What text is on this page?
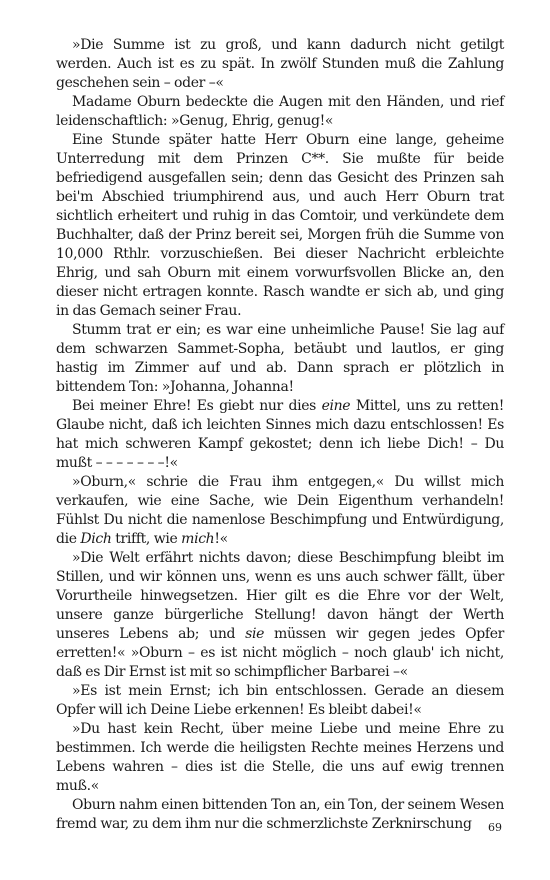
»Die Summe ist zu groß, und kann dadurch nicht getilgt werden. Auch ist es zu spät. In zwölf Stunden muß die Zahlung geschehen sein – oder –«

Madame Oburn bedeckte die Augen mit den Händen, und rief leidenschaftlich: »Genug, Ehrig, genug!«

Eine Stunde später hatte Herr Oburn eine lange, geheime Unterredung mit dem Prinzen C**. Sie mußte für beide befriedigend ausgefallen sein; denn das Gesicht des Prinzen sah bei'm Abschied triumphirend aus, und auch Herr Oburn trat sichtlich erheitert und ruhig in das Comtoir, und verkündete dem Buchhalter, daß der Prinz bereit sei, Morgen früh die Summe von 10,000 Rthlr. vorzuschießen. Bei dieser Nachricht erbleichte Ehrig, und sah Oburn mit einem vorwurfsvollen Blicke an, den dieser nicht ertragen konnte. Rasch wandte er sich ab, und ging in das Gemach seiner Frau.

Stumm trat er ein; es war eine unheimliche Pause! Sie lag auf dem schwarzen Sammet-Sopha, betäubt und lautlos, er ging hastig im Zimmer auf und ab. Dann sprach er plötzlich in bittendem Ton: »Johanna, Johanna!

Bei meiner Ehre! Es giebt nur dies eine Mittel, uns zu retten! Glaube nicht, daß ich leichten Sinnes mich dazu entschlossen! Es hat mich schweren Kampf gekostet; denn ich liebe Dich! – Du mußt – – – – – – –!«

»Oburn,« schrie die Frau ihm entgegen,« Du willst mich verkaufen, wie eine Sache, wie Dein Eigenthum verhandeln! Fühlst Du nicht die namenlose Beschimpfung und Entwürdigung, die Dich trifft, wie mich!«

»Die Welt erfährt nichts davon; diese Beschimpfung bleibt im Stillen, und wir können uns, wenn es uns auch schwer fällt, über Vorurtheile hinwegsetzen. Hier gilt es die Ehre vor der Welt, unsere ganze bürgerliche Stellung! davon hängt der Werth unseres Lebens ab; und sie müssen wir gegen jedes Opfer erretten!« »Oburn – es ist nicht möglich – noch glaub' ich nicht, daß es Dir Ernst ist mit so schimpflicher Barbarei –«

»Es ist mein Ernst; ich bin entschlossen. Gerade an diesem Opfer will ich Deine Liebe erkennen! Es bleibt dabei!«

»Du hast kein Recht, über meine Liebe und meine Ehre zu bestimmen. Ich werde die heiligsten Rechte meines Herzens und Lebens wahren – dies ist die Stelle, die uns auf ewig trennen muß.«

Oburn nahm einen bittenden Ton an, ein Ton, der seinem Wesen fremd war, zu dem ihm nur die schmerzlichste Zerknirschung	69
